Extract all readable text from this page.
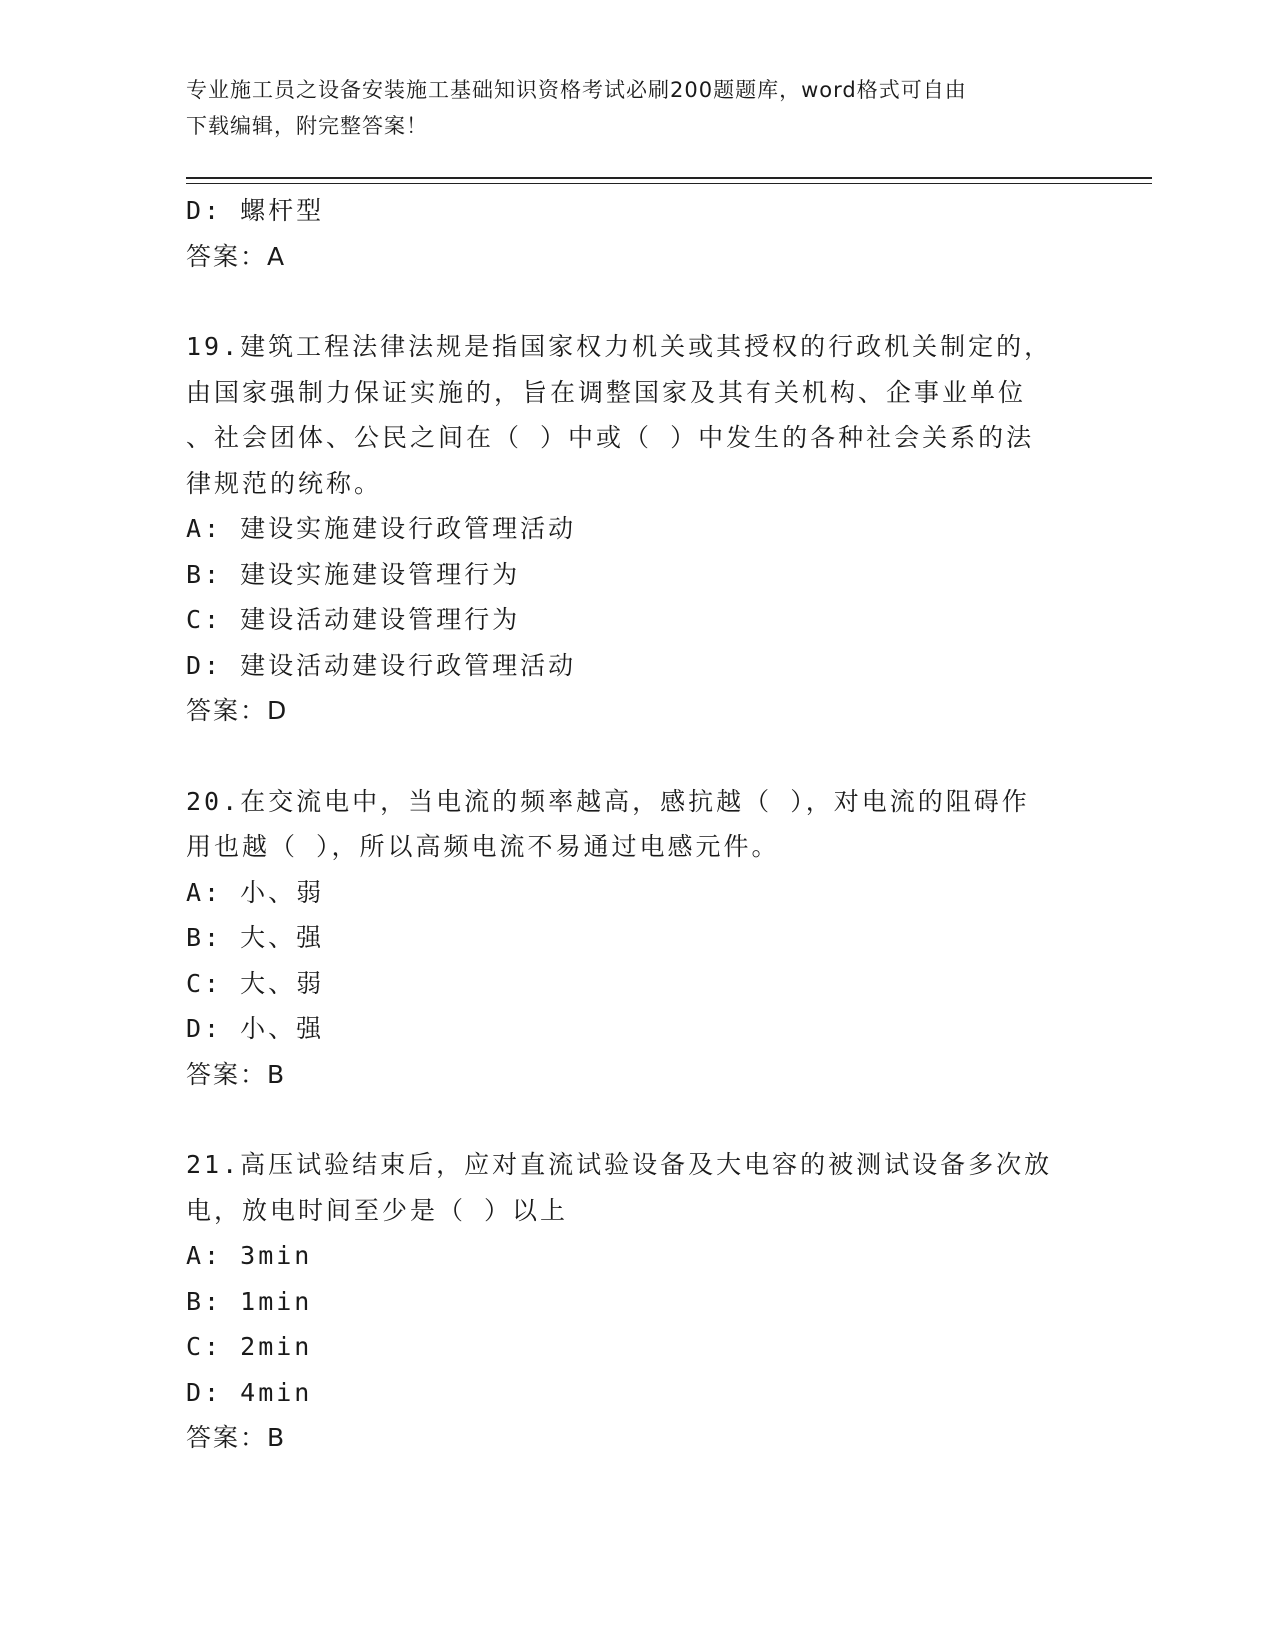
专业施工员之设备安装施工基础知识资格考试必刷200题题库，word格式可自由
下载编辑，附完整答案！

D: 螺杆型

答案：A

19.建筑工程法律法规是指国家权力机关或其授权的行政机关制定的，

由国家强制力保证实施的，旨在调整国家及其有关机构、企事业单位

、社会团体、公民之间在（ ）中或（ ）中发生的各种社会关系的法

律规范的统称。

A: 建设实施建设行政管理活动

B: 建设实施建设管理行为

C: 建设活动建设管理行为

D: 建设活动建设行政管理活动

答案：D

20.在交流电中，当电流的频率越高，感抗越（ ），对电流的阻碍作

用也越（ ），所以高频电流不易通过电感元件。

A: 小、弱

B: 大、强

C: 大、弱

D: 小、强

答案：B

21.高压试验结束后，应对直流试验设备及大电容的被测试设备多次放

电，放电时间至少是（ ）以上

A: 3min

B: 1min

C: 2min

D: 4min

答案：B
